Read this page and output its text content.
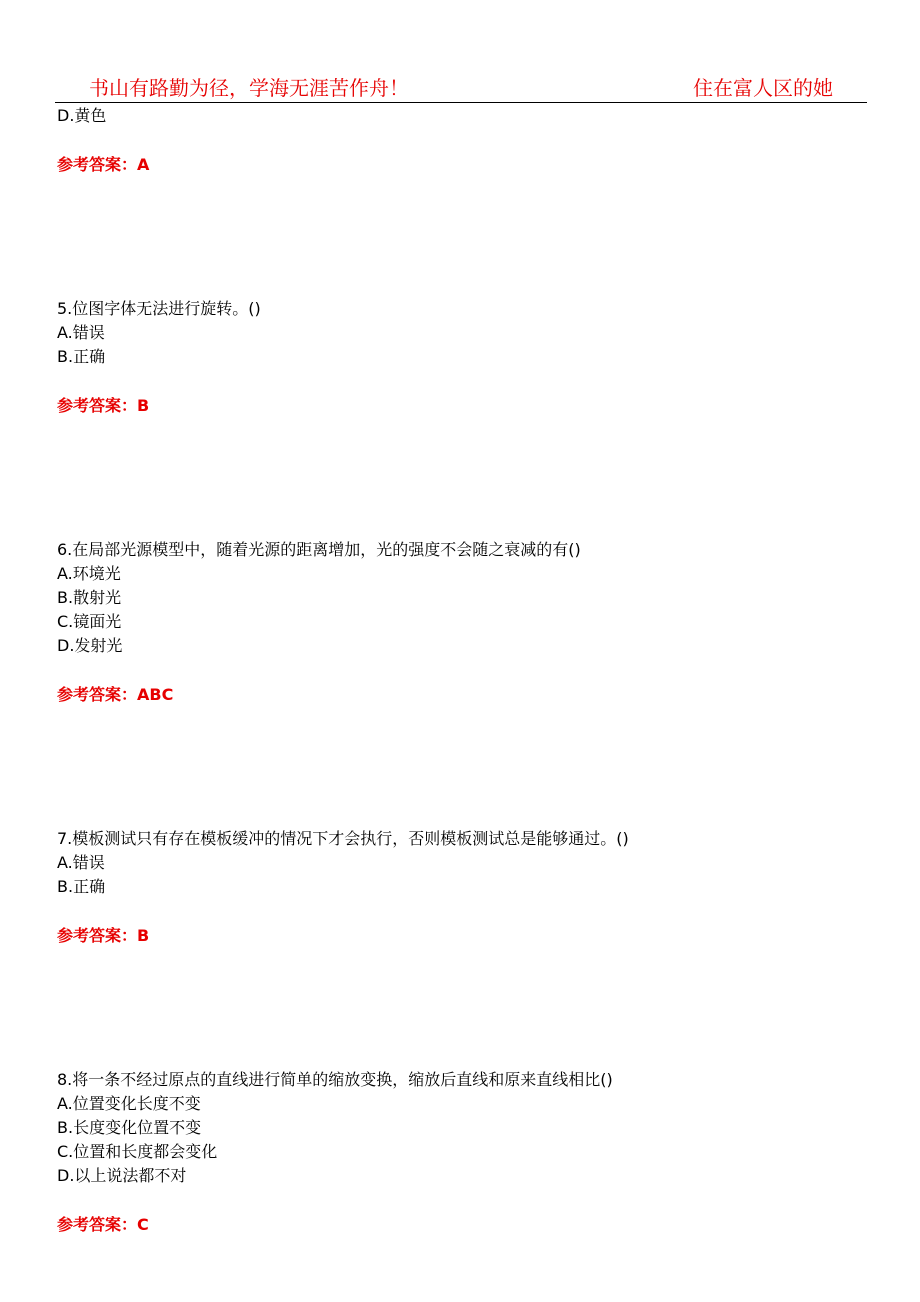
书山有路勤为径，学海无涯苦作舟！	住在富人区的她
D.黄色
参考答案：A
5.位图字体无法进行旋转。()
A.错误
B.正确
参考答案：B
6.在局部光源模型中，随着光源的距离增加，光的强度不会随之衰减的有()
A.环境光
B.散射光
C.镜面光
D.发射光
参考答案：ABC
7.模板测试只有存在模板缓冲的情况下才会执行，否则模板测试总是能够通过。()
A.错误
B.正确
参考答案：B
8.将一条不经过原点的直线进行简单的缩放变换，缩放后直线和原来直线相比()
A.位置变化长度不变
B.长度变化位置不变
C.位置和长度都会变化
D.以上说法都不对
参考答案：C
